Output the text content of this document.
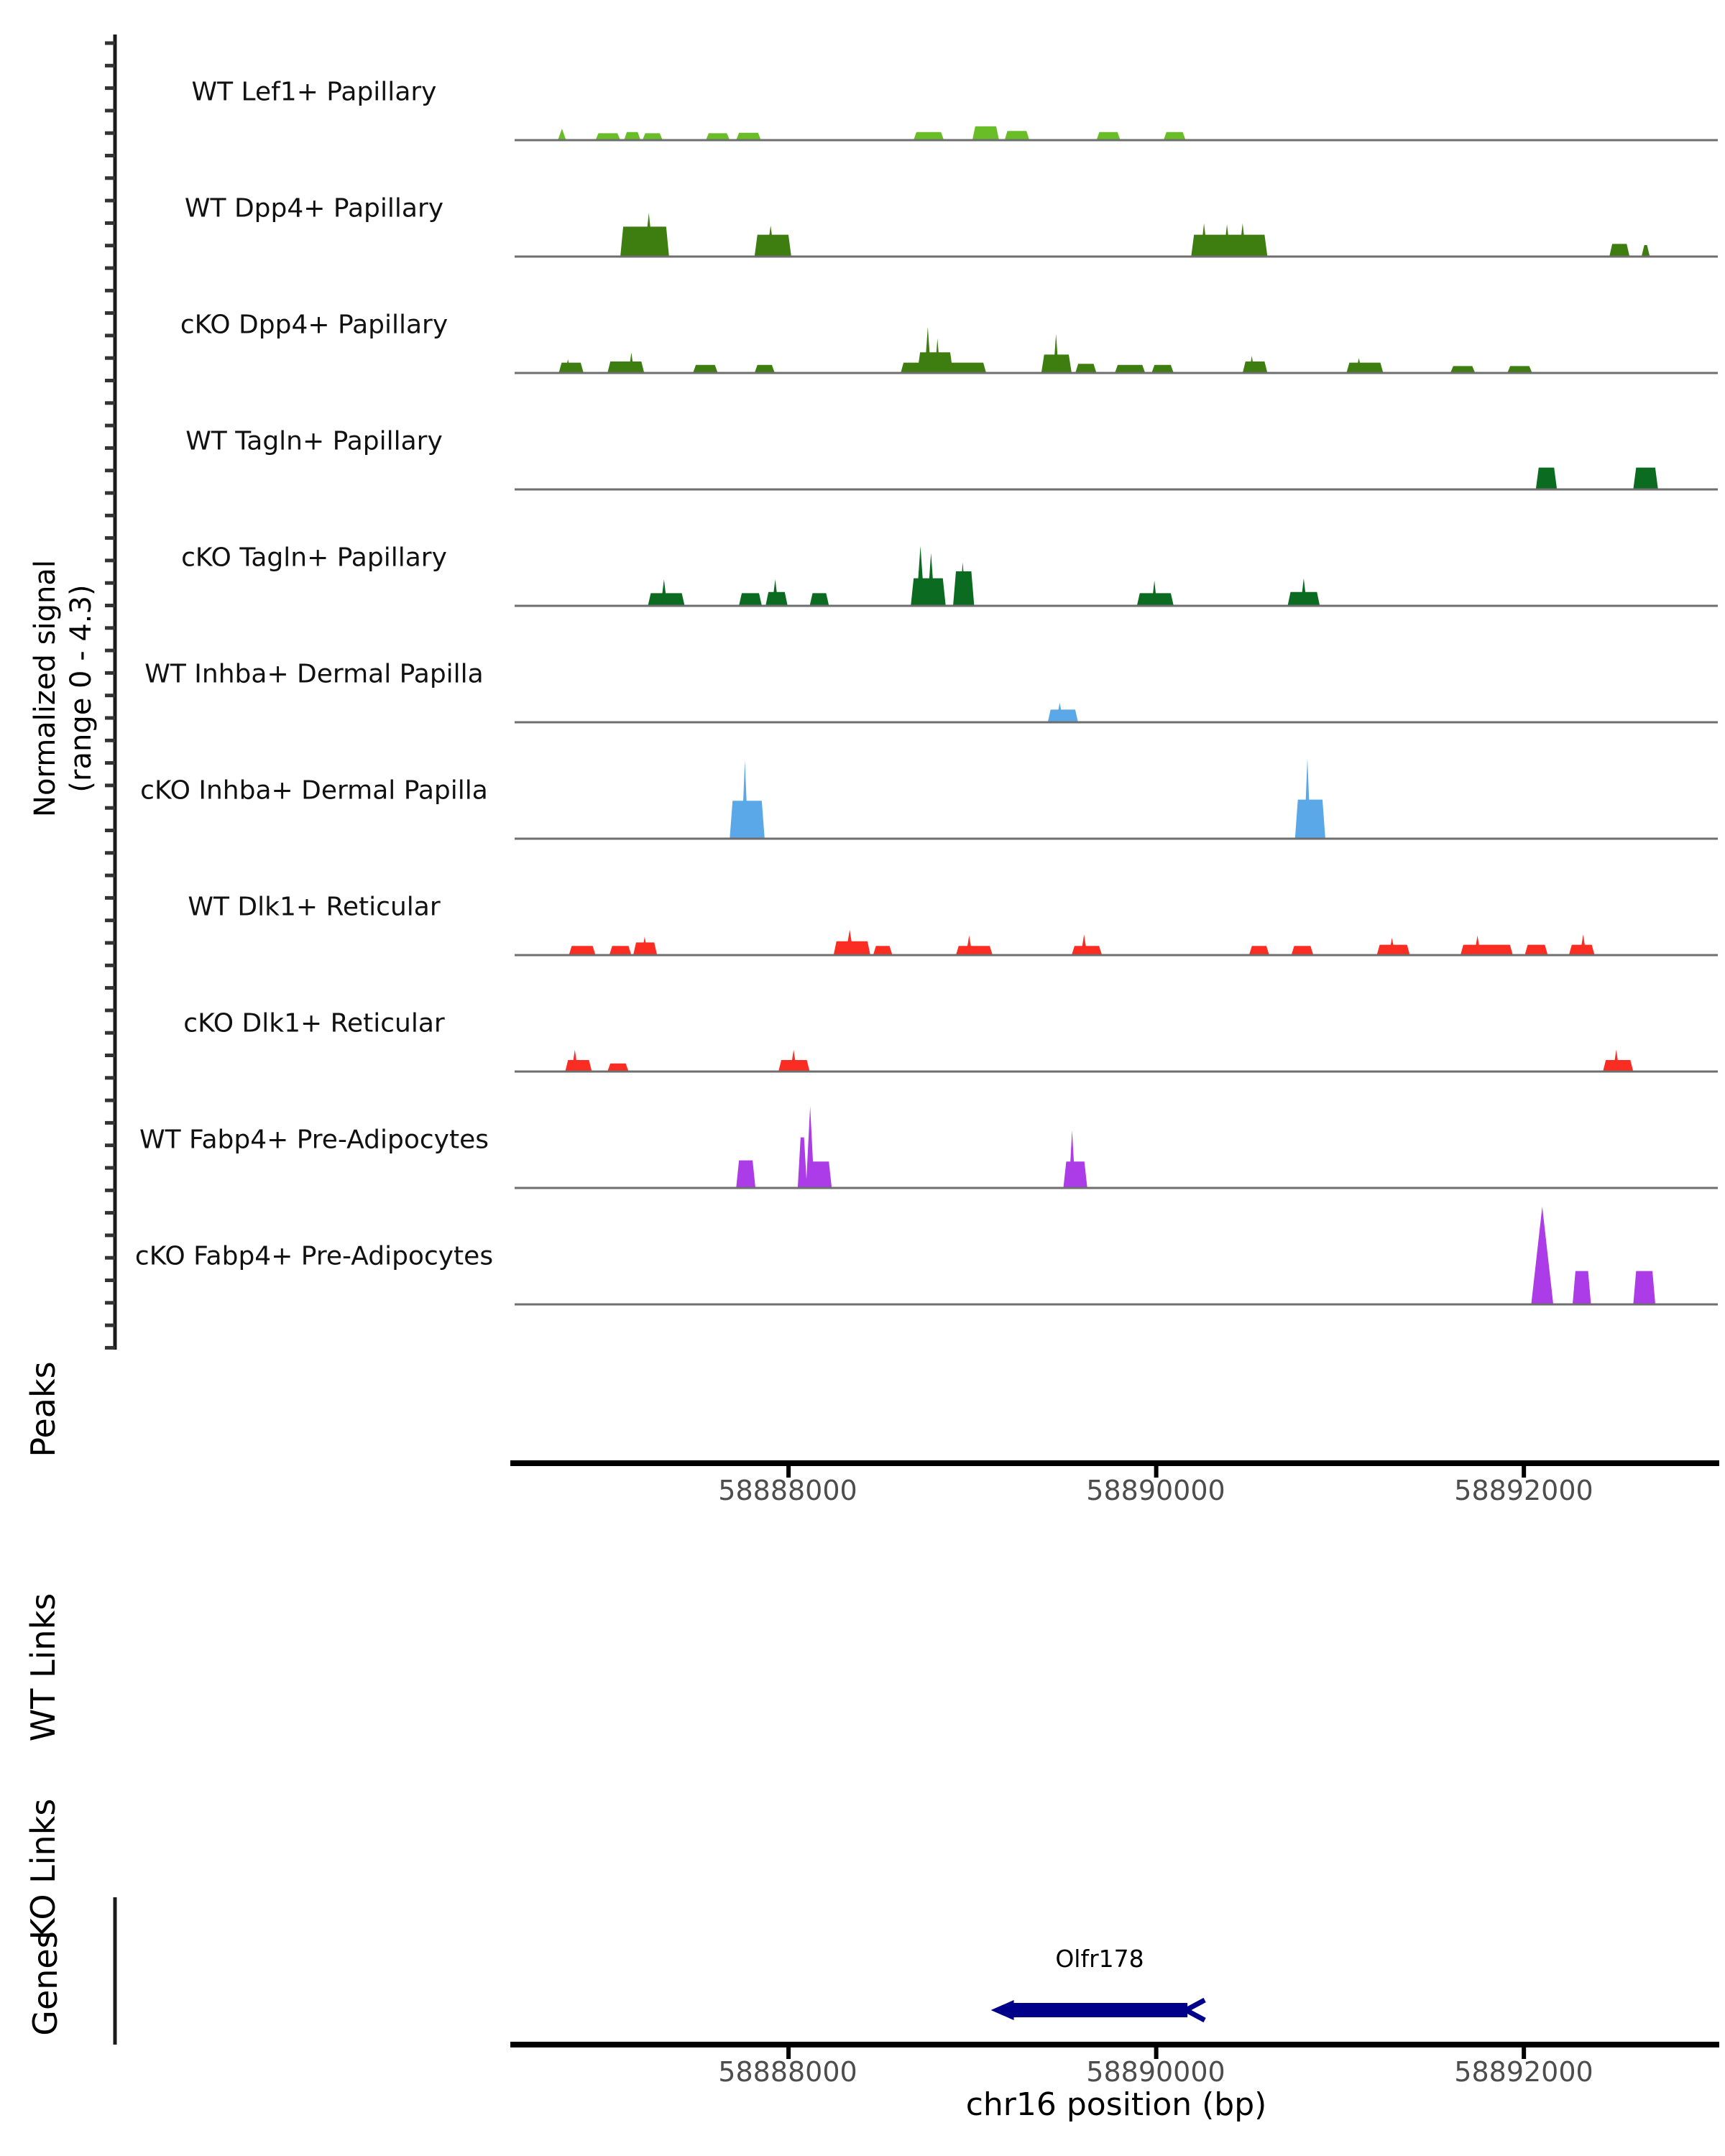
Normalized signal (range 0 - 4.3)
WT Lef1+ Papillary
WT Dpp4+ Papillary
cKO Dpp4+ Papillary
WT Tagln+ Papillary
cKO Tagln+ Papillary
WT Inhba+ Dermal Papilla
cKO Inhba+ Dermal Papilla
WT Dlk1+ Reticular
cKO Dlk1+ Reticular
WT Fabp4+ Pre-Adipocytes
cKO Fabp4+ Pre-Adipocytes
Peaks
WT Links
KO Links
Genes
58888000	58890000	58892000
Olfr178
58888000	58890000	58892000
chr16 position (bp)
